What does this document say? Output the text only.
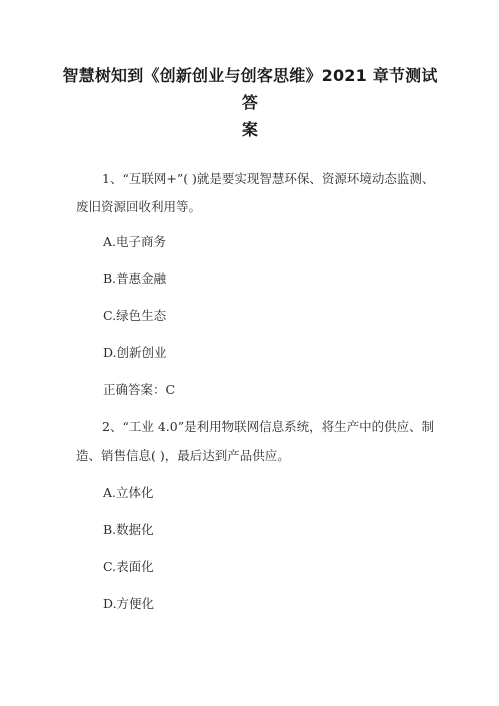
智慧树知到《创新创业与创客思维》2021 章节测试答
案
1、“互联网+”( )就是要实现智慧环保、资源环境动态监测、
废旧资源回收利用等。
A.电子商务
B.普惠金融
C.绿色生态
D.创新创业
正确答案：C
2、“工业 4.0”是利用物联网信息系统，将生产中的供应、制
造、销售信息( )，最后达到产品供应。
A.立体化
B.数据化
C.表面化
D.方便化
